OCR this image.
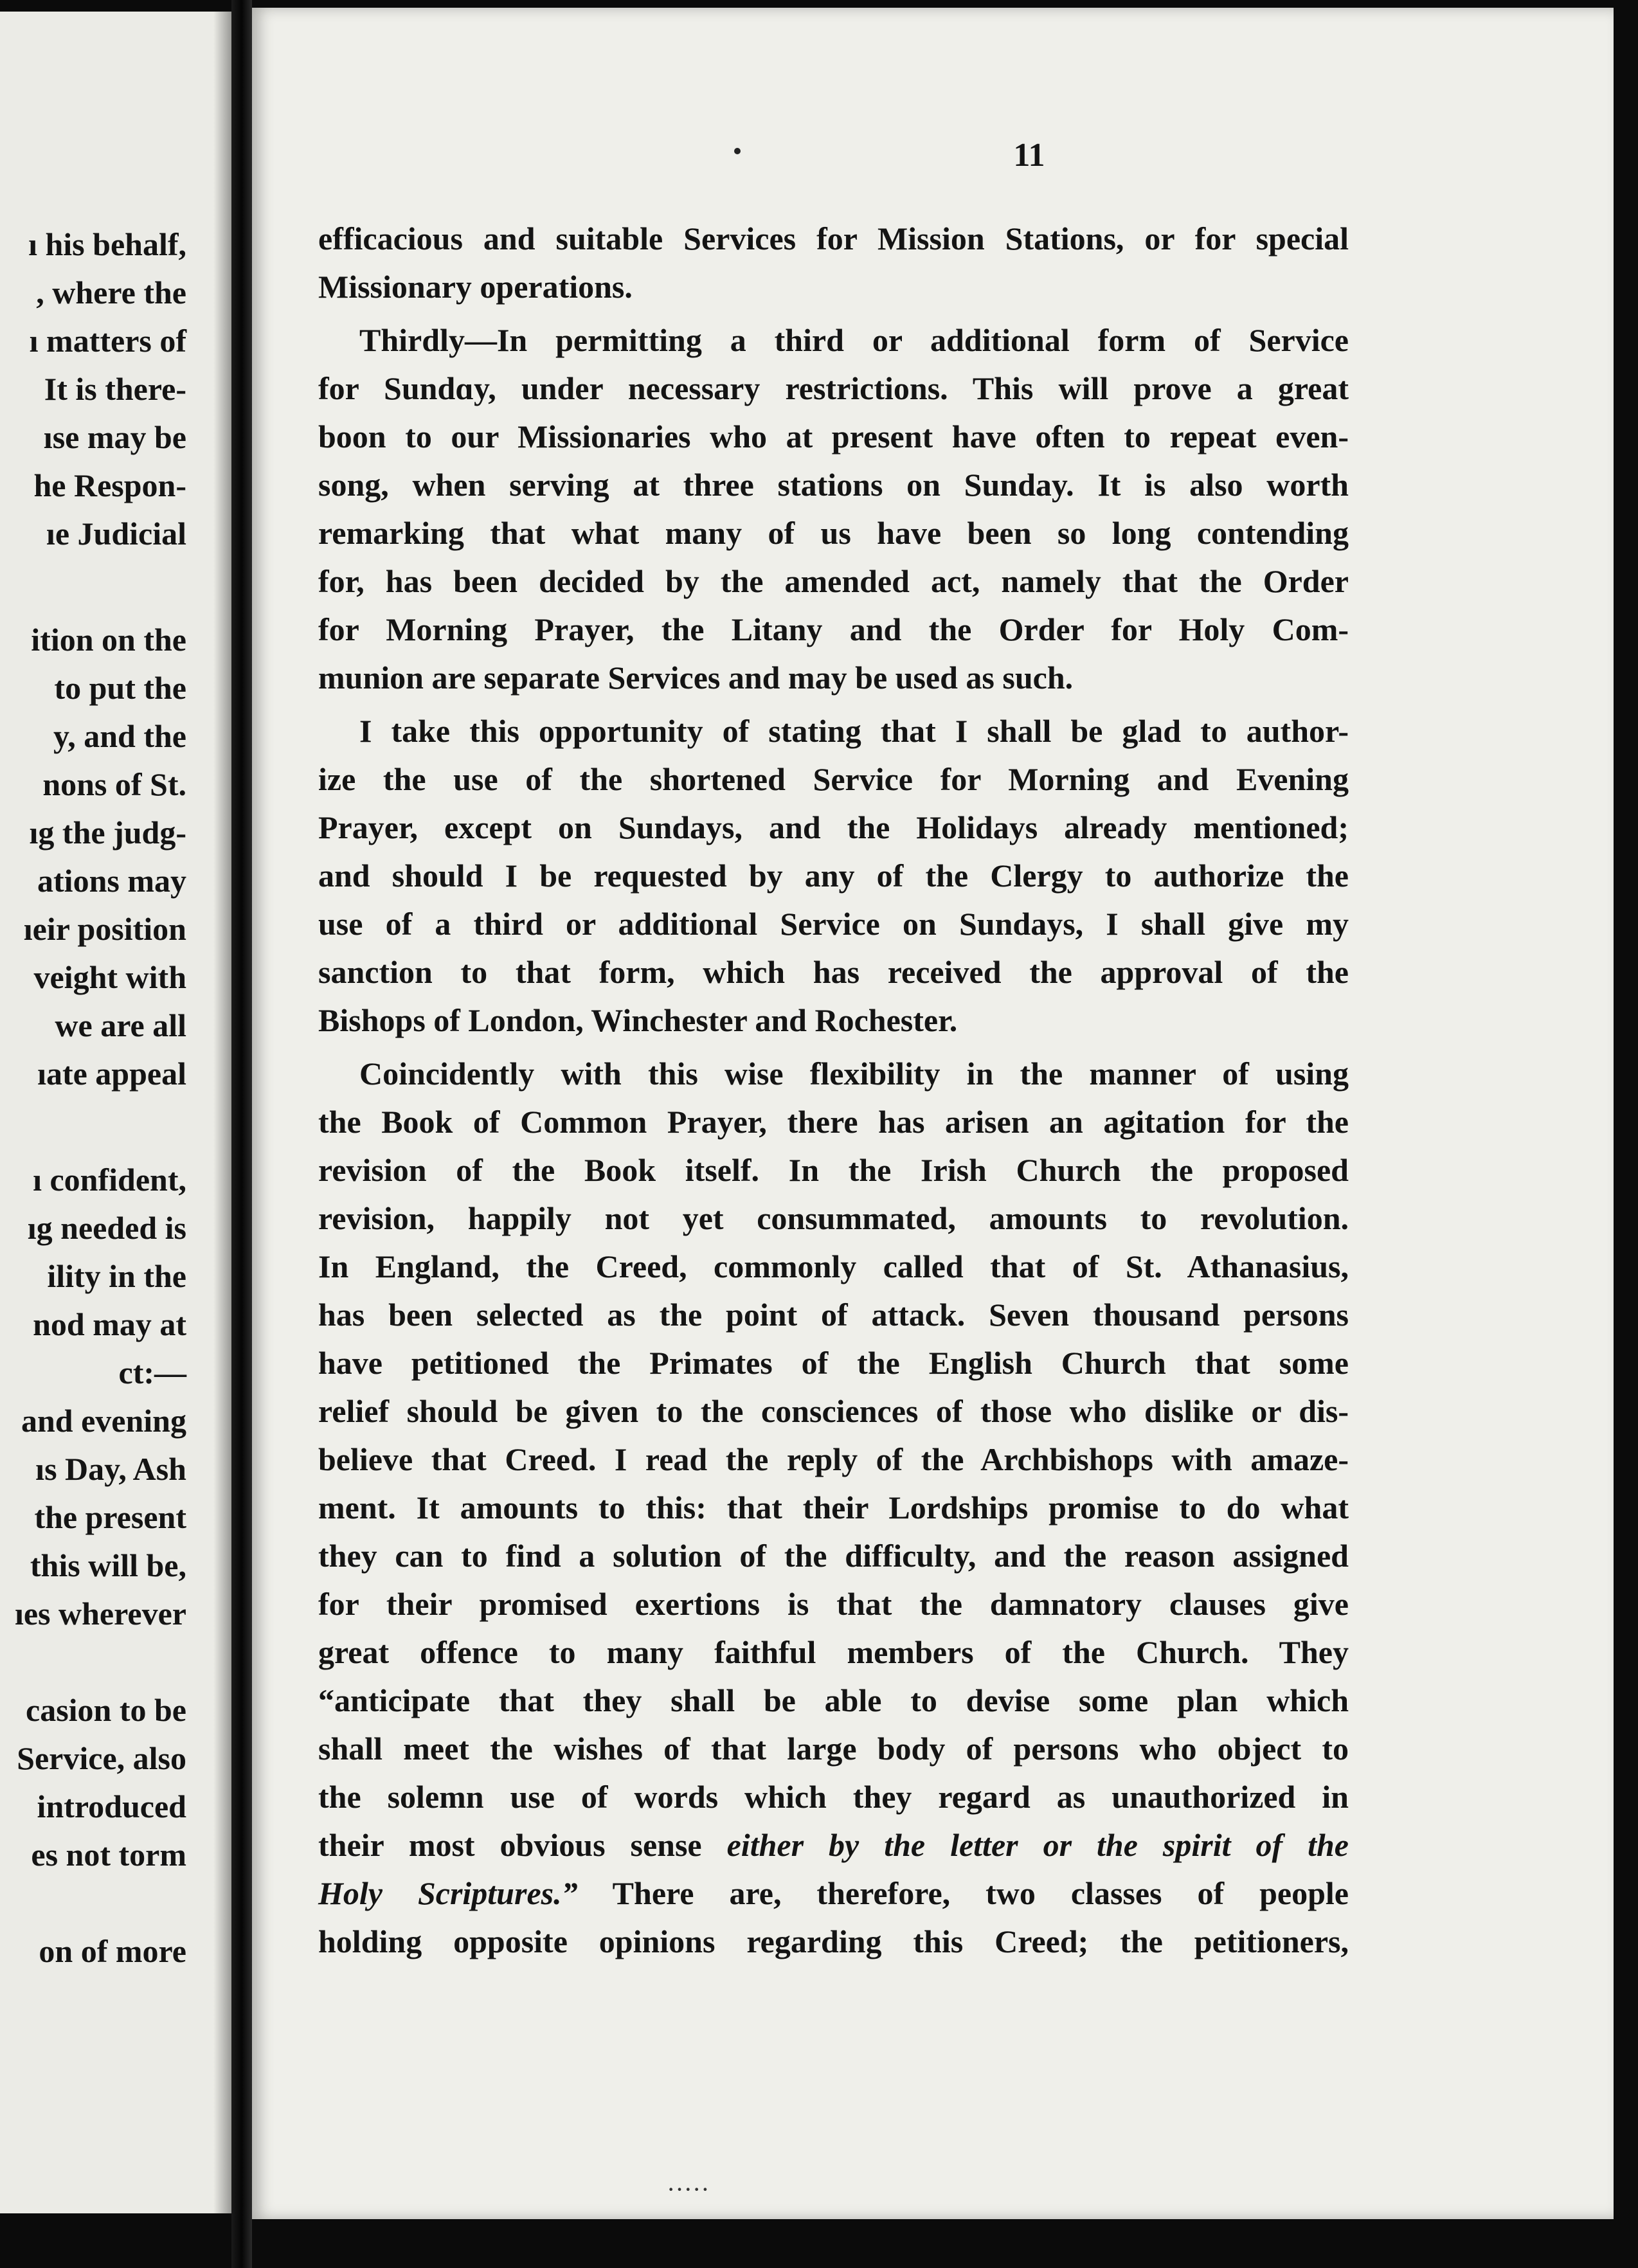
ı his behalf,
, where the
ı matters of
It is there-
ıse may be
he Respon-
ıe Judicial
ition on the
to put the
y, and the
nons of St.
ıg the judg-
ations may
ıeir position
veight with
we are all
ıate appeal
ı confident,
ıg needed is
ility in the
nod may at
ct:—
and evening
ıs Day, Ash
the present
this will be,
ıes wherever
casion to be
Service, also
introduced
es not torm
on of more
11
efficacious and suitable Services for Mission Stations, or for special
Missionary operations.
Thirdly—In permitting a third or additional form of Service
for Sundɑy, under necessary restrictions. This will prove a great
boon to our Missionaries who at present have often to repeat even-
song, when serving at three stations on Sunday. It is also worth
remarking that what many of us have been so long contending
for, has been decided by the amended act, namely that the Order
for Morning Prayer, the Litany and the Order for Holy Com-
munion are separate Services and may be used as such.
I take this opportunity of stating that I shall be glad to author-
ize the use of the shortened Service for Morning and Evening
Prayer, except on Sundays, and the Holidays already mentioned;
and should I be requested by any of the Clergy to authorize the
use of a third or additional Service on Sundays, I shall give my
sanction to that form, which has received the approval of the
Bishops of London, Winchester and Rochester.
Coincidently with this wise flexibility in the manner of using
the Book of Common Prayer, there has arisen an agitation for the
revision of the Book itself. In the Irish Church the proposed
revision, happily not yet consummated, amounts to revolution.
In England, the Creed, commonly called that of St. Athanasius,
has been selected as the point of attack. Seven thousand persons
have petitioned the Primates of the English Church that some
relief should be given to the consciences of those who dislike or dis-
believe that Creed. I read the reply of the Archbishops with amaze-
ment. It amounts to this: that their Lordships promise to do what
they can to find a solution of the difficulty, and the reason assigned
for their promised exertions is that the damnatory clauses give
great offence to many faithful members of the Church. They
“anticipate that they shall be able to devise some plan which
shall meet the wishes of that large body of persons who object to
the solemn use of words which they regard as unauthorized in
their most obvious sense either by the letter or the spirit of the
Holy Scriptures.” There are, therefore, two classes of people
holding opposite opinions regarding this Creed; the petitioners,
·····
